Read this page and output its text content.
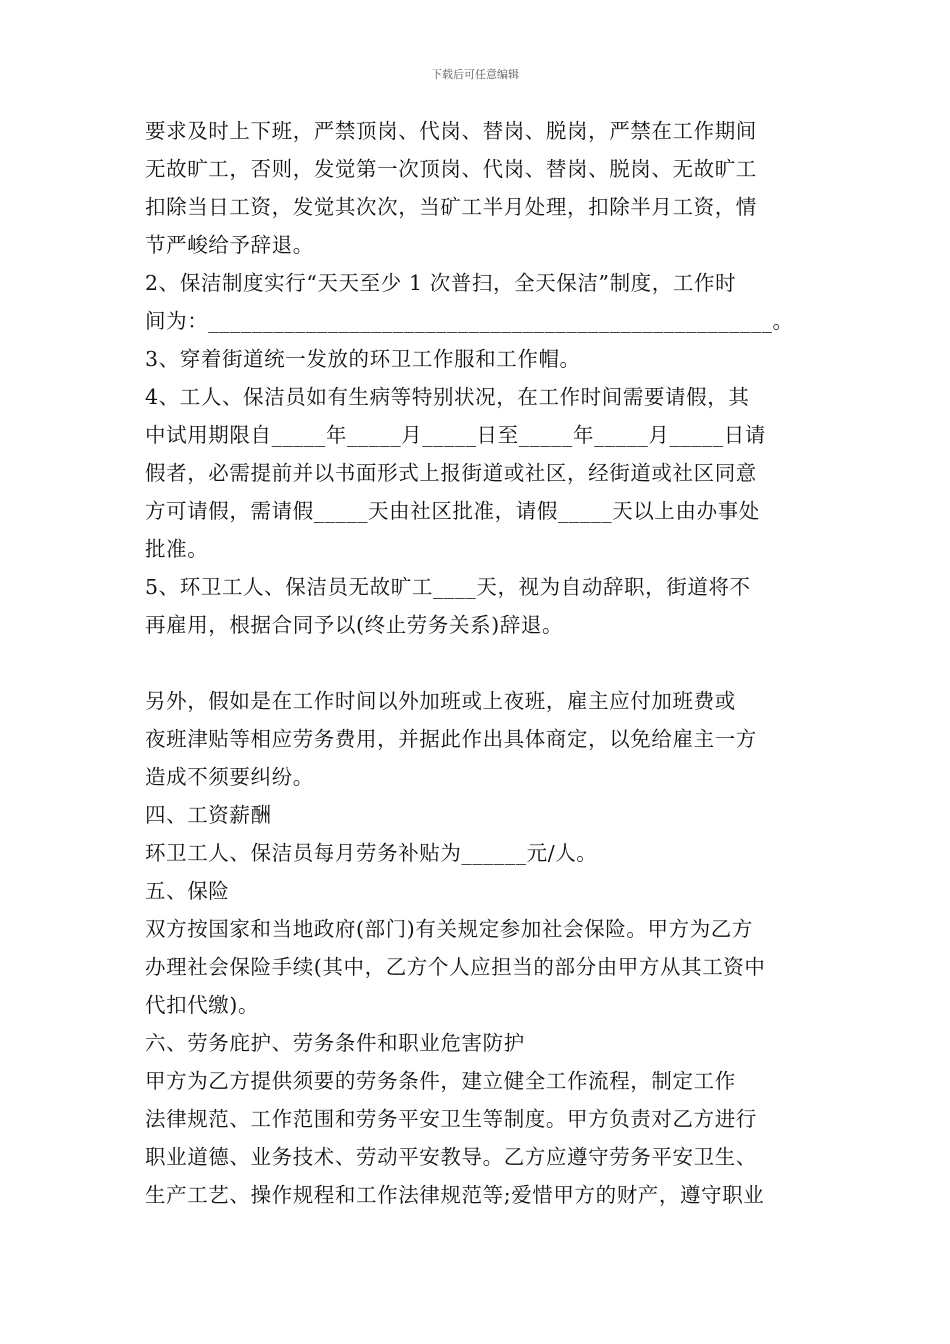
下载后可任意编辑
要求及时上下班，严禁顶岗、代岗、替岗、脱岗，严禁在工作期间
无故旷工，否则，发觉第一次顶岗、代岗、替岗、脱岗、无故旷工
扣除当日工资，发觉其次次，当矿工半月处理，扣除半月工资，情
节严峻给予辞退。
2、保洁制度实行“天天至少 1 次普扫，全天保洁”制度，工作时
间为：____________________________________________________。
3、穿着街道统一发放的环卫工作服和工作帽。
4、工人、保洁员如有生病等特别状况，在工作时间需要请假，其
中试用期限自_____年_____月_____日至_____年_____月_____日请
假者，必需提前并以书面形式上报街道或社区，经街道或社区同意
方可请假，需请假_____天由社区批准，请假_____天以上由办事处
批准。
5、环卫工人、保洁员无故旷工____天，视为自动辞职，街道将不
再雇用，根据合同予以(终止劳务关系)辞退。
另外，假如是在工作时间以外加班或上夜班，雇主应付加班费或
夜班津贴等相应劳务费用，并据此作出具体商定，以免给雇主一方
造成不须要纠纷。
四、工资薪酬
环卫工人、保洁员每月劳务补贴为______元/人。
五、保险
双方按国家和当地政府(部门)有关规定参加社会保险。甲方为乙方
办理社会保险手续(其中，乙方个人应担当的部分由甲方从其工资中
代扣代缴)。
六、劳务庇护、劳务条件和职业危害防护
甲方为乙方提供须要的劳务条件，建立健全工作流程，制定工作
法律规范、工作范围和劳务平安卫生等制度。甲方负责对乙方进行
职业道德、业务技术、劳动平安教导。乙方应遵守劳务平安卫生、
生产工艺、操作规程和工作法律规范等;爱惜甲方的财产，遵守职业
